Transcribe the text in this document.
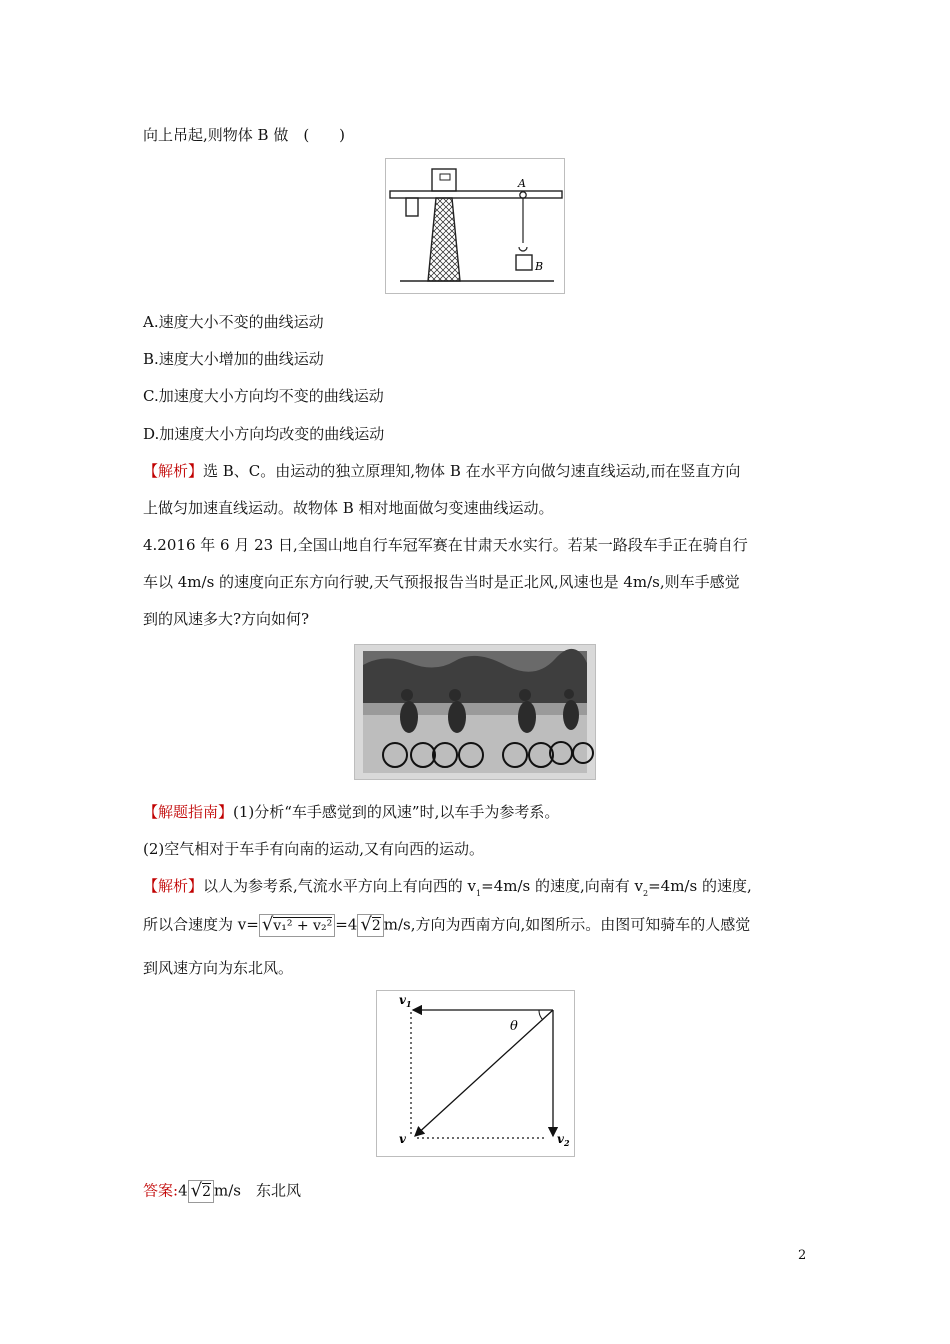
向上吊起,则物体 B 做　(　　)
A
B
A.速度大小不变的曲线运动
B.速度大小增加的曲线运动
C.加速度大小方向均不变的曲线运动
D.加速度大小方向均改变的曲线运动
【解析】选 B、C。由运动的独立原理知,物体 B 在水平方向做匀速直线运动,而在竖直方向
上做匀加速直线运动。故物体 B 相对地面做匀变速曲线运动。
4.2016 年 6 月 23 日,全国山地自行车冠军赛在甘肃天水实行。若某一路段车手正在骑自行
车以 4m/s 的速度向正东方向行驶,天气预报报告当时是正北风,风速也是 4m/s,则车手感觉
到的风速多大?方向如何?
【解题指南】(1)分析“车手感觉到的风速”时,以车手为参考系。
(2)空气相对于车手有向南的运动,又有向西的运动。
【解析】以人为参考系,气流水平方向上有向西的 $v_1=4m/s$ 的速度,向南有 $v_2=4m/s$ 的速度,
所以合速度为 v= √v₁² + v₂² =4 √2 m/s,方向为西南方向,如图所示。由图可知骑车的人感觉
到风速方向为东北风。
$v_1$
$v_2$
v
θ
答案:4 √2 m/s　东北风
2
